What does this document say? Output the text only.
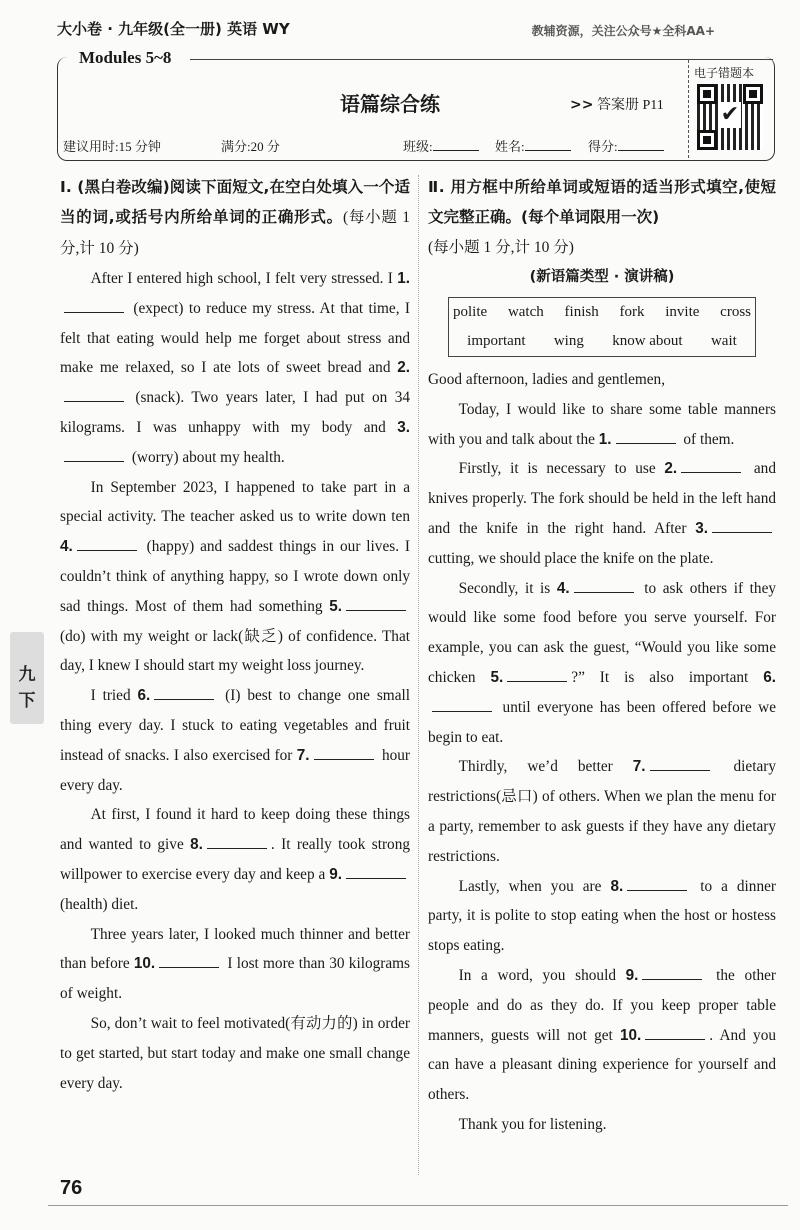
大小卷 · 九年级(全一册) 英语 WY	教辅资源，关注公众号★全科AA+
Modules 5~8
语篇综合练	>> 答案册 P11
电子错题本
✔
建议用时:15 分钟	满分:20 分	班级:	姓名:	得分:
Ⅰ. (黑白卷改编)阅读下面短文,在空白处填入一个适当的词,或括号内所给单词的正确形式。(每小题 1 分,计 10 分)

After I entered high school, I felt very stressed. I 1. (expect) to reduce my stress. At that time, I felt that eating would help me forget about stress and make me relaxed, so I ate lots of sweet bread and 2. (snack). Two years later, I had put on 34 kilograms. I was unhappy with my body and 3. (worry) about my health.

In September 2023, I happened to take part in a special activity. The teacher asked us to write down ten 4.	(happy) and saddest things in our lives. I couldn’t think of anything happy, so I wrote down only sad things. Most of them had something 5. (do) with my weight or lack(缺乏) of confidence. That day, I knew I should start my weight loss journey.

I tried 6.	(I) best to change one small thing every day. I stuck to eating vegetables and fruit instead of snacks. I also exercised for 7.	hour every day.

At first, I found it hard to keep doing these things and wanted to give 8.	. It really took strong willpower to exercise every day and keep a 9. (health) diet.

Three years later, I looked much thinner and better than before 10.	I lost more than 30 kilograms of weight.

So, don’t wait to feel motivated(有动力的) in order to get started, but start today and make one small change every day.

Ⅱ. 用方框中所给单词或短语的适当形式填空,使短文完整正确。(每个单词限用一次)
(每小题 1 分,计 10 分)
(新语篇类型 · 演讲稿)
polite watch finish fork invite cross
important wing know about wait

Good afternoon, ladies and gentlemen,

Today, I would like to share some table manners with you and talk about the 1.	of them.

Firstly, it is necessary to use 2.	and knives properly. The fork should be held in the left hand and the knife in the right hand. After 3. cutting, we should place the knife on the plate.

Secondly, it is 4.	to ask others if they would like some food before you serve yourself. For example, you can ask the guest, “Would you like some chicken 5.	?” It is also important 6. until everyone has been offered before we begin to eat.

Thirdly, we’d better 7.	dietary restrictions(忌口) of others. When we plan the menu for a party, remember to ask guests if they have any dietary restrictions.

Lastly, when you are 8.	to a dinner party, it is polite to stop eating when the host or hostess stops eating.

In a word, you should 9.	the other people and do as they do. If you keep proper table manners, guests will not get 10.	. And you can have a pleasant dining experience for yourself and others.

Thank you for listening.

九下
76
